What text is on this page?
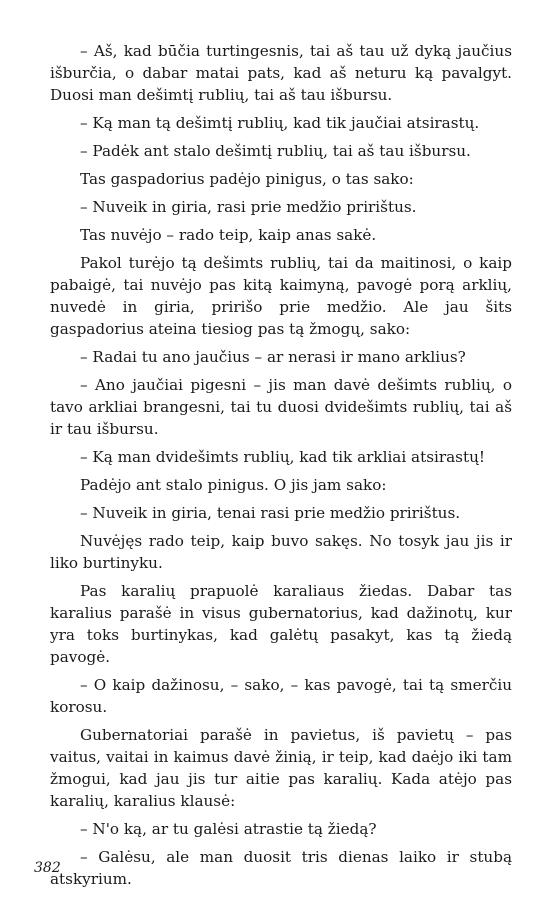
– Aš, kad būčia turtingesnis, tai aš tau už dyką jaučius išburčia, o dabar matai pats, kad aš neturu ką pavalgyt. Duosi man dešimtį rublių, tai aš tau išbursu.

– Ką man tą dešimtį rublių, kad tik jaučiai atsirastų.

– Padėk ant stalo dešimtį rublių, tai aš tau išbursu.

Tas gaspadorius padėjo pinigus, o tas sako:

– Nuveik in giria, rasi prie medžio pririštus.

Tas nuvėjo – rado teip, kaip anas sakė.

Pakol turėjo tą dešimts rublių, tai da maitinosi, o kaip pabaigė, tai nuvėjo pas kitą kaimyną, pavogė porą arklių, nuvedė in giria, pririšo prie medžio. Ale jau šits gaspadorius ateina tiesiog pas tą žmogų, sako:

– Radai tu ano jaučius – ar nerasi ir mano arklius?

– Ano jaučiai pigesni – jis man davė dešimts rublių, o tavo arkliai brangesni, tai tu duosi dvidešimts rublių, tai aš ir tau išbursu.

– Ką man dvidešimts rublių, kad tik arkliai atsirastų!

Padėjo ant stalo pinigus. O jis jam sako:

– Nuveik in giria, tenai rasi prie medžio pririštus.

Nuvėjęs rado teip, kaip buvo sakęs. No tosyk jau jis ir liko burtinyku.

Pas karalių prapuolė karaliaus žiedas. Dabar tas karalius parašė in visus gubernatorius, kad dažinotų, kur yra toks burtinykas, kad galėtų pasakyt, kas tą žiedą pavogė.

– O kaip dažinosu, – sako, – kas pavogė, tai tą smerčiu korosu.

Gubernatoriai parašė in pavietus, iš pavietų – pas vaitus, vaitai in kaimus davė žinią, ir teip, kad daėjo iki tam žmogui, kad jau jis tur aitie pas karalių. Kada atėjo pas karalių, karalius klausė:

– N'o ką, ar tu galėsi atrastie tą žiedą?

– Galėsu, ale man duosit tris dienas laiko ir stubą atskyrium.

382
